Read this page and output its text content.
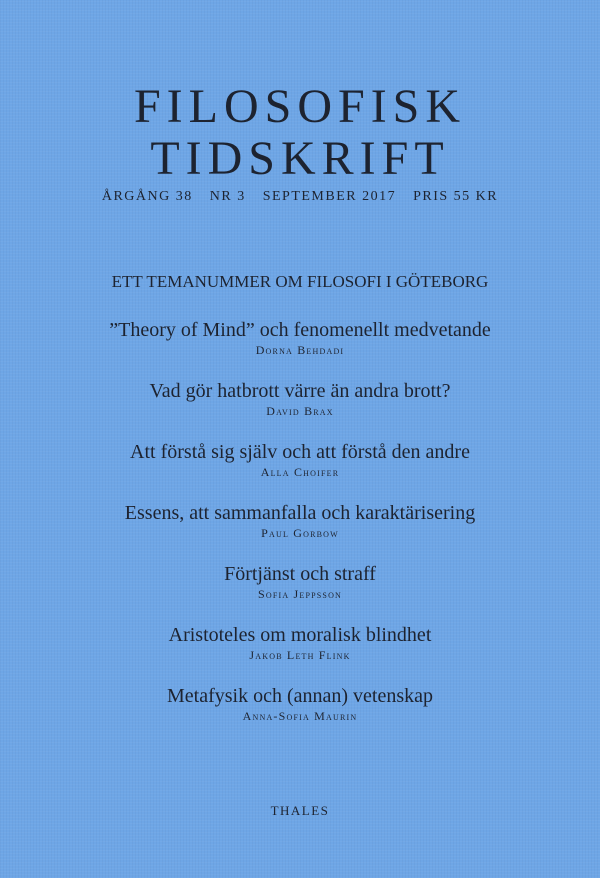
FILOSOFISK
TIDSKRIFT
ÅRGÅNG 38 NR 3 SEPTEMBER 2017 PRIS 55 KR
ETT TEMANUMMER OM FILOSOFI I GÖTEBORG
”Theory of Mind” och fenomenellt medvetande
Dorna Behdadi
Vad gör hatbrott värre än andra brott?
David Brax
Att förstå sig själv och att förstå den andre
Alla Choifer
Essens, att sammanfalla och karaktärisering
Paul Gorbow
Förtjänst och straff
Sofia Jeppsson
Aristoteles om moralisk blindhet
Jakob Leth Flink
Metafysik och (annan) vetenskap
Anna-Sofia Maurin
THALES
